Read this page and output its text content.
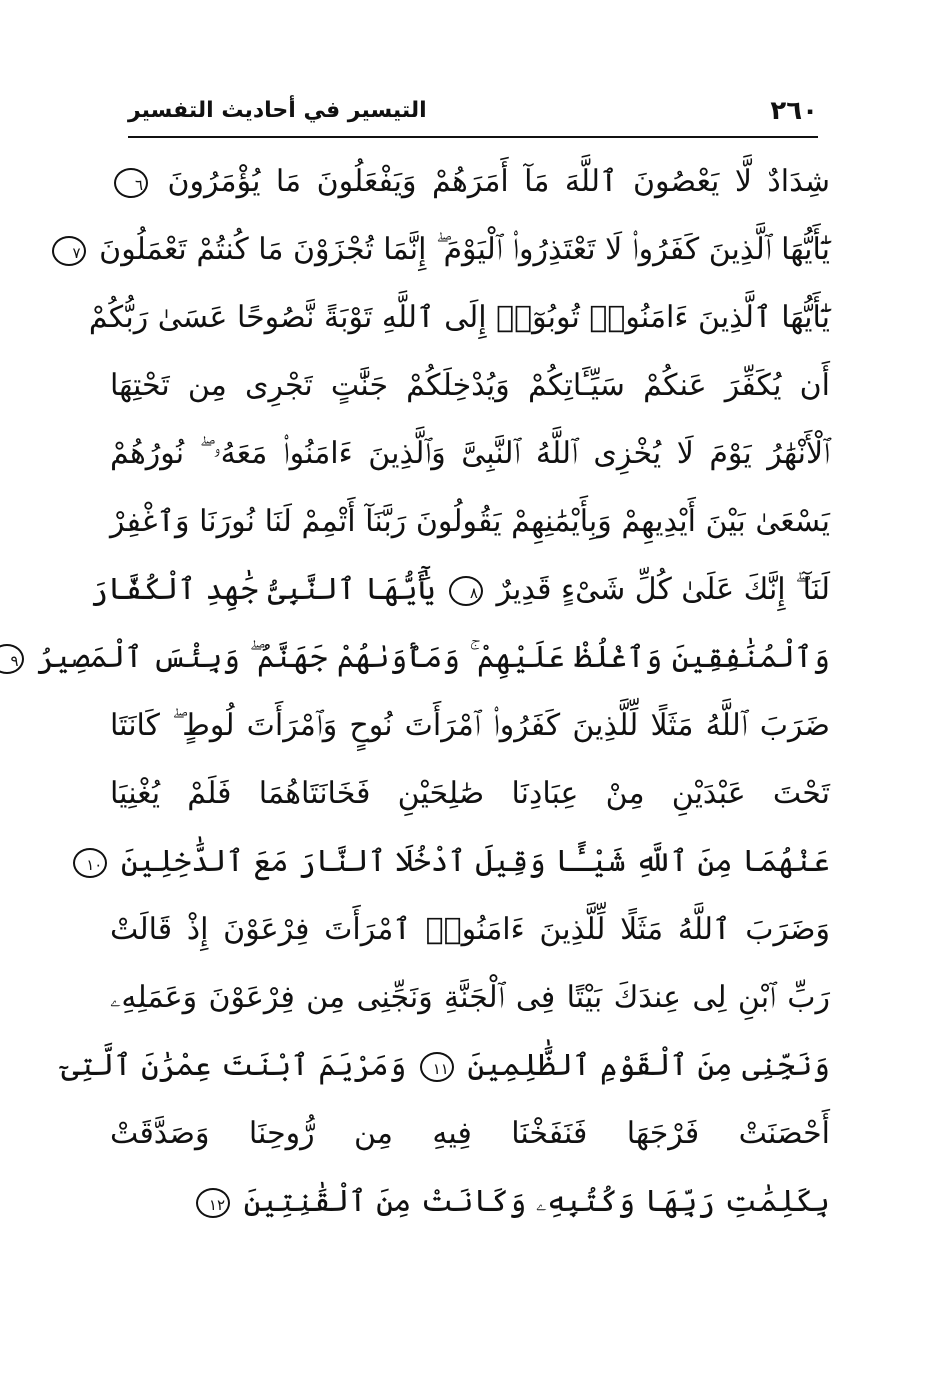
٢٦٠
التيسير في أحاديث التفسير
شِدَادٌ لَّا يَعْصُونَ ٱللَّهَ مَآ أَمَرَهُمْ وَيَفْعَلُونَ مَا يُؤْمَرُونَ ٦
يَٰٓأَيُّهَا ٱلَّذِينَ كَفَرُوا۟ لَا تَعْتَذِرُوا۟ ٱلْيَوْمَ ۖ إِنَّمَا تُجْزَوْنَ مَا كُنتُمْ تَعْمَلُونَ ٧
يَٰٓأَيُّهَا ٱلَّذِينَ ءَامَنُوا۟ تُوبُوٓا۟ إِلَى ٱللَّهِ تَوْبَةً نَّصُوحًا عَسَىٰ رَبُّكُمْ
أَن يُكَفِّرَ عَنكُمْ سَيِّـَٔاتِكُمْ وَيُدْخِلَكُمْ جَنَّٰتٍ تَجْرِى مِن تَحْتِهَا
ٱلْأَنْهَٰرُ يَوْمَ لَا يُخْزِى ٱللَّهُ ٱلنَّبِىَّ وَٱلَّذِينَ ءَامَنُوا۟ مَعَهُۥ ۖ نُورُهُمْ
يَسْعَىٰ بَيْنَ أَيْدِيهِمْ وَبِأَيْمَٰنِهِمْ يَقُولُونَ رَبَّنَآ أَتْمِمْ لَنَا نُورَنَا وَٱغْفِرْ
لَنَآ ۖ إِنَّكَ عَلَىٰ كُلِّ شَىْءٍ قَدِيرٌ ٨ يَٰٓأَيُّهَا ٱلنَّبِىُّ جَٰهِدِ ٱلْكُفَّارَ
وَٱلْمُنَٰفِقِينَ وَٱغْلُظْ عَلَيْهِمْ ۚ وَمَأْوَىٰهُمْ جَهَنَّمُ ۖ وَبِئْسَ ٱلْمَصِيرُ ٩
ضَرَبَ ٱللَّهُ مَثَلًا لِّلَّذِينَ كَفَرُوا۟ ٱمْرَأَتَ نُوحٍ وَٱمْرَأَتَ لُوطٍ ۖ كَانَتَا
تَحْتَ عَبْدَيْنِ مِنْ عِبَادِنَا صَٰلِحَيْنِ فَخَانَتَاهُمَا فَلَمْ يُغْنِيَا
عَنْهُمَا مِنَ ٱللَّهِ شَيْـًٔا وَقِيلَ ٱدْخُلَا ٱلنَّارَ مَعَ ٱلدَّٰخِلِينَ ١٠
وَضَرَبَ ٱللَّهُ مَثَلًا لِّلَّذِينَ ءَامَنُوا۟ ٱمْرَأَتَ فِرْعَوْنَ إِذْ قَالَتْ
رَبِّ ٱبْنِ لِى عِندَكَ بَيْتًا فِى ٱلْجَنَّةِ وَنَجِّنِى مِن فِرْعَوْنَ وَعَمَلِهِۦ
وَنَجِّنِى مِنَ ٱلْقَوْمِ ٱلظَّٰلِمِينَ ١١ وَمَرْيَمَ ٱبْنَتَ عِمْرَٰنَ ٱلَّتِىٓ
أَحْصَنَتْ فَرْجَهَا فَنَفَخْنَا فِيهِ مِن رُّوحِنَا وَصَدَّقَتْ
بِكَلِمَٰتِ رَبِّهَا وَكُتُبِهِۦ وَكَانَتْ مِنَ ٱلْقَٰنِتِينَ ١٢
